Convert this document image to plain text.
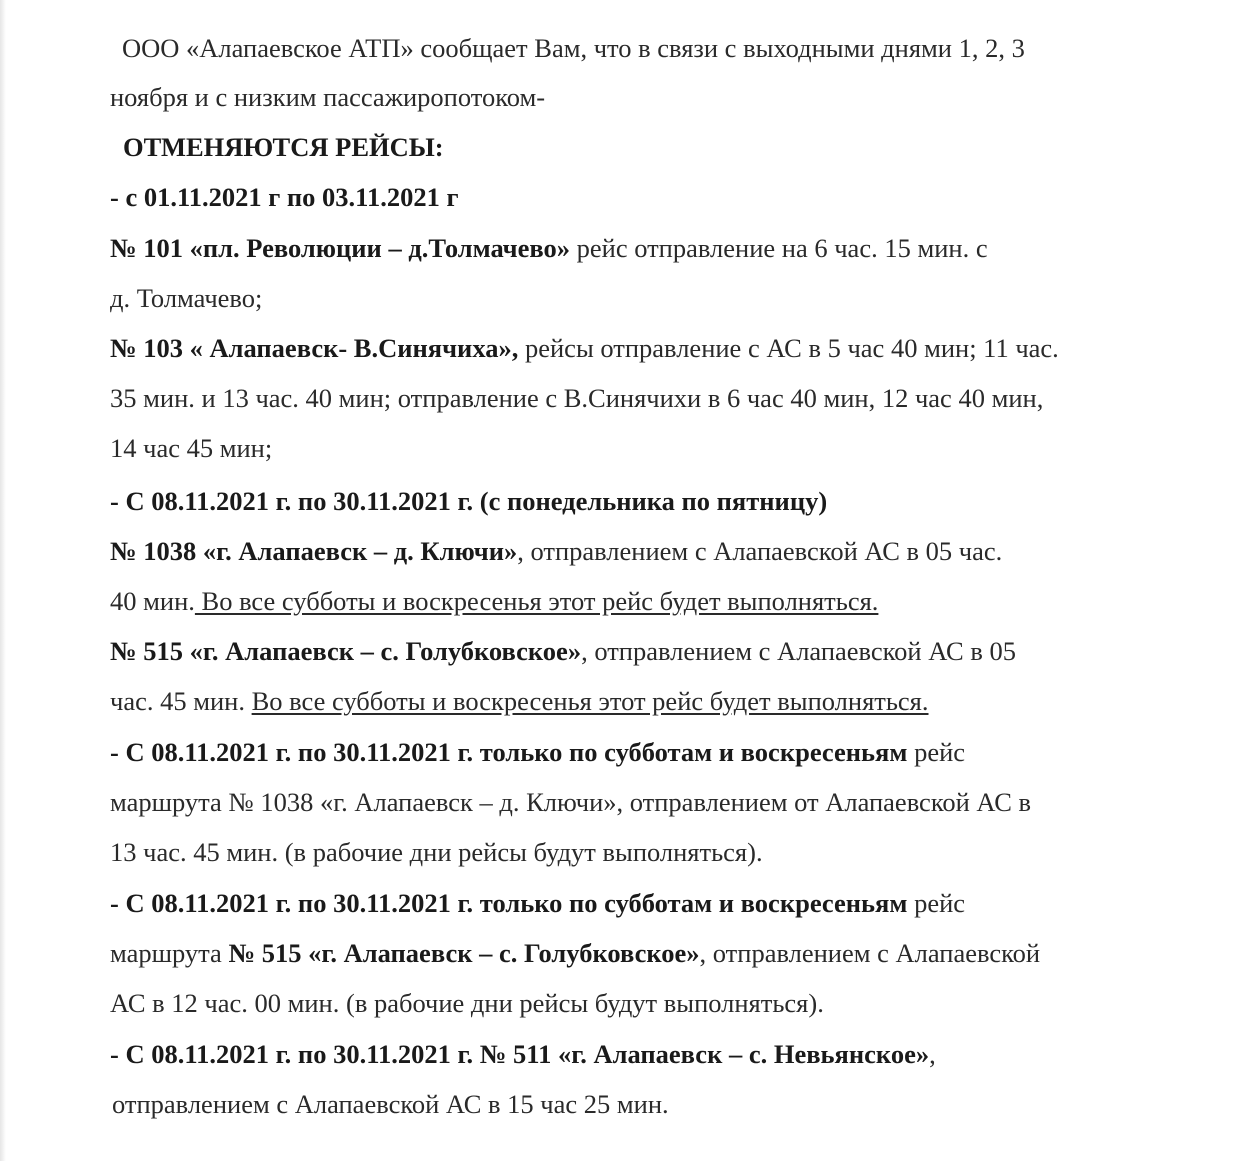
ООО «Алапаевское АТП» сообщает Вам, что в связи с выходными днями 1, 2, 3
ноября и с низким пассажиропотоком-
ОТМЕНЯЮТСЯ РЕЙСЫ:
- с 01.11.2021 г по 03.11.2021 г
№ 101 «пл. Революции – д.Толмачево» рейс отправление на 6 час. 15 мин. с
д. Толмачево;
№ 103 « Алапаевск- В.Синячиха», рейсы отправление с АС в 5 час 40 мин; 11 час.
35 мин. и 13 час. 40 мин; отправление с В.Синячихи в 6 час 40 мин, 12 час 40 мин,
14 час 45 мин;
- С 08.11.2021 г. по 30.11.2021 г. (с понедельника по пятницу)
№ 1038 «г. Алапаевск – д. Ключи», отправлением с Алапаевской АС в 05 час.
40 мин. Во все субботы и воскресенья этот рейс будет выполняться.
№ 515 «г. Алапаевск – с. Голубковское», отправлением с Алапаевской АС в 05
час. 45 мин. Во все субботы и воскресенья этот рейс будет выполняться.
- С 08.11.2021 г. по 30.11.2021 г. только по субботам и воскресеньям рейс
маршрута № 1038 «г. Алапаевск – д. Ключи», отправлением от Алапаевской АС в
13 час. 45 мин. (в рабочие дни рейсы будут выполняться).
- С 08.11.2021 г. по 30.11.2021 г. только по субботам и воскресеньям рейс
маршрута № 515 «г. Алапаевск – с. Голубковское», отправлением с Алапаевской
АС в 12 час. 00 мин. (в рабочие дни рейсы будут выполняться).
- С 08.11.2021 г. по 30.11.2021 г. № 511 «г. Алапаевск – с. Невьянское»,
отправлением с Алапаевской АС в 15 час 25 мин.
